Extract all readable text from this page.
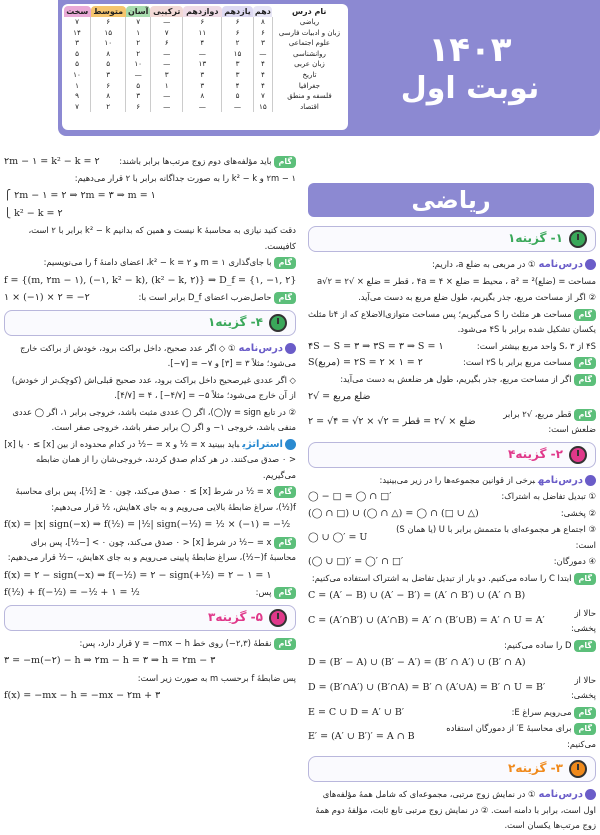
نام درس	دهم	یازدهم	دوازدهم	ترکیبی	آسان	متوسط	سخت
ریاضی	۸	۶	۶	—	۷	۶	۷
زبان و ادبیات فارسی	۶	۶	۱۱	۷	۱	۱۵	۱۴
علوم اجتماعی	۳	۲	۴	۶	۲	۱۰	۳
روانشناسی	—	۱۵	—	—	۲	۸	۵
زبان عربی	۴	۳	۱۳	—	۱۰	۵	۵
تاریخ	۴	۳	۳	۳	—	۳	۱۰
جغرافیا	۴	۴	۳	۱	۵	۶	۱
فلسفه و منطق	۷	۵	۸	—	۳	۸	۹
اقتصاد	۱۵	—	—	—	۶	۲	۷
۱۴۰۳
نوبت اول
ریاضی
گامباید مؤلفه‌های دوم زوج مرتب‌ها برابر باشند:
۲m − ۱ = k² − k = ۲
۲m − ۱ و k² − k را به صورت جداگانه برابر با ۲ قرار می‌دهیم:
⎧ ۲m − ۱ = ۲ ⇒ ۲m = ۳ ⇒ m = ۱
⎩ k² − k = ۲
دقت کنید نیازی به محاسبهٔ k نیست و همین که بدانیم k² − k برابر با ۲ است، کافیست.
گامبا جای‌گذاری m = ۱ و k² − k = ۲، اعضای دامنهٔ f را می‌نویسیم:
f = {(m, ۲m − ۱), (−۱, k² − k), (k² − k, ۲)} ⇒ D_f = {۱, −۱, ۲}
گامحاصل‌ضرب اعضای D_f برابر است با:
۱ × (−۱) × ۲ = −۲
۴- گزینه۱
درس‌نامه① ◇ اگر عدد صحیح، داخل براکت برود، خودش از براکت خارج می‌شود؛ مثلاً ۳ = [۳] و ۷− = [۷−].
◇ اگر عددی غیرصحیح داخل براکت برود، عدد صحیح قبلی‌اش (کوچک‌تر از خودش) از آن خارج می‌شود؛ مثلاً ۵− = [۴/۷−] ، ۴ = [۴/۷].
② در تابع y = sign(◯)، اگر ◯ عددی مثبت باشد، خروجی برابر ۱، اگر ◯ عددی منفی باشد، خروجی ۱− و اگر ◯ برابر صفر باشد، خروجی صفر است.
استراتژیباید ببینید x = ½ و x = −½ در کدام محدوده از بین [x] ≥ ۰ یا [x] < ۰ صدق می‌کنند. در هر کدام صدق کردند، خروجی‌شان را از همان ضابطه می‌گیریم.
گامx = ½ در شرط [x] ≥ ۰ صدق می‌کند، چون ۰ ≤ [½]، پس برای محاسبهٔ f(½)، سراغ ضابطهٔ بالایی می‌رویم و به جای xهایش، ½ قرار می‌دهیم:
f(x) = |x| sign(−x) ⇒ f(½) = |½| sign(−½) = ½ × (−۱) = −½
گامx = −½ در شرط [x] < ۰ صدق می‌کند، چون ۰ > [−½]، پس برای محاسبهٔ f(−½)، سراغ ضابطهٔ پایینی می‌رویم و به جای xهایش، −½ قرار می‌دهیم:
f(x) = ۲ − sign(−x) ⇒ f(−½) = ۲ − sign(+½) = ۲ − ۱ = ۱
گامپس:
f(½) + f(−½) = −½ + ۱ = ½
۵- گزینه۳
گامنقطهٔ (۲,۳−) روی خط y = −mx − h قرار دارد، پس:
۳ = −m(−۲) − h ⇒ ۲m − h = ۳ ⇒ h = ۲m − ۳
پس ضابطهٔ f برحسب m به صورت زیر است:
f(x) = −mx − h = −mx − ۲m + ۳
۱- گزینه۱
درس‌نامه① در مربعی به ضلع a، داریم:
مساحت = (ضلع)² = a² ، محیط = ضلع × ۴ = ۴a ، قطر = ضلع × √۲ = a√۲
② اگر از مساحت مربع، جذر بگیریم، طول ضلع مربع به دست می‌آید.
گاممساحت هر مثلث را S می‌گیریم؛ پس مساحت متوازی‌الاضلاع که از ۴تا مثلث یکسان تشکیل شده برابر با ۴S می‌شود.
۴S از S، ۳ واحد مربع بیشتر است:
۴S − S = ۳ ⇒ ۳S = ۳ ⇒ S = ۱
گاممساحت مربع برابر با ۲S است:
S(مربع) = ۲S = ۲ × ۱ = ۲
گاماگر از مساحت مربع، جذر بگیریم، طول هر ضلعش به دست می‌آید:
ضلع مربع = √۲
گامقطر مربع، √۲ برابر ضلعش است:
۲ = √۴ = √۲ × √۲ = ضلع × √۲ = قطر
۲- گزینه۴
درس‌نامهبرخی از قوانین مجموعه‌ها را در زیر می‌بینید:
① تبدیل تفاضل به اشتراک:
◯ − □ = ◯ ∩ □′
② پخشی:
(◯ ∩ □) ∪ (◯ ∩ △) = ◯ ∩ (□ ∪ △)
③ اجتماع هر مجموعه‌ای با متممش برابر با U (یا همان S) است:
◯ ∪ ◯′ = U
④ دمورگان:
(◯ ∪ □)′ = ◯′ ∩ □′
گامابتدا C را ساده می‌کنیم. دو بار از تبدیل تفاضل به اشتراک استفاده می‌کنیم:
C = (A′ − B) ∪ (A′ − B′) = (A′ ∩ B′) ∪ (A′ ∩ B)
حالا از پخشی:
C = (A′∩B′) ∪ (A′∩B) = A′ ∩ (B′∪B) = A′ ∩ U = A′
گامD را ساده می‌کنیم:
D = (B′ − A) ∪ (B′ − A′) = (B′ ∩ A′) ∪ (B′ ∩ A)
حالا از پخشی:
D = (B′∩A′) ∪ (B′∩A) = B′ ∩ (A′∪A) = B′ ∩ U = B′
گاممی‌رویم سراغ E:
E = C ∪ D = A′ ∪ B′
گامبرای محاسبهٔ E′ از دمورگان استفاده می‌کنیم:
E′ = (A′ ∪ B′)′ = A ∩ B
۳- گزینه۲
درس‌نامه① در نمایش زوج مرتبی، مجموعه‌ای که شامل همهٔ مؤلفه‌های اول است، برابر با دامنه است. ② در نمایش زوج مرتبی تابع ثابت، مؤلفهٔ دوم همهٔ زوج مرتب‌ها یکسان است.
